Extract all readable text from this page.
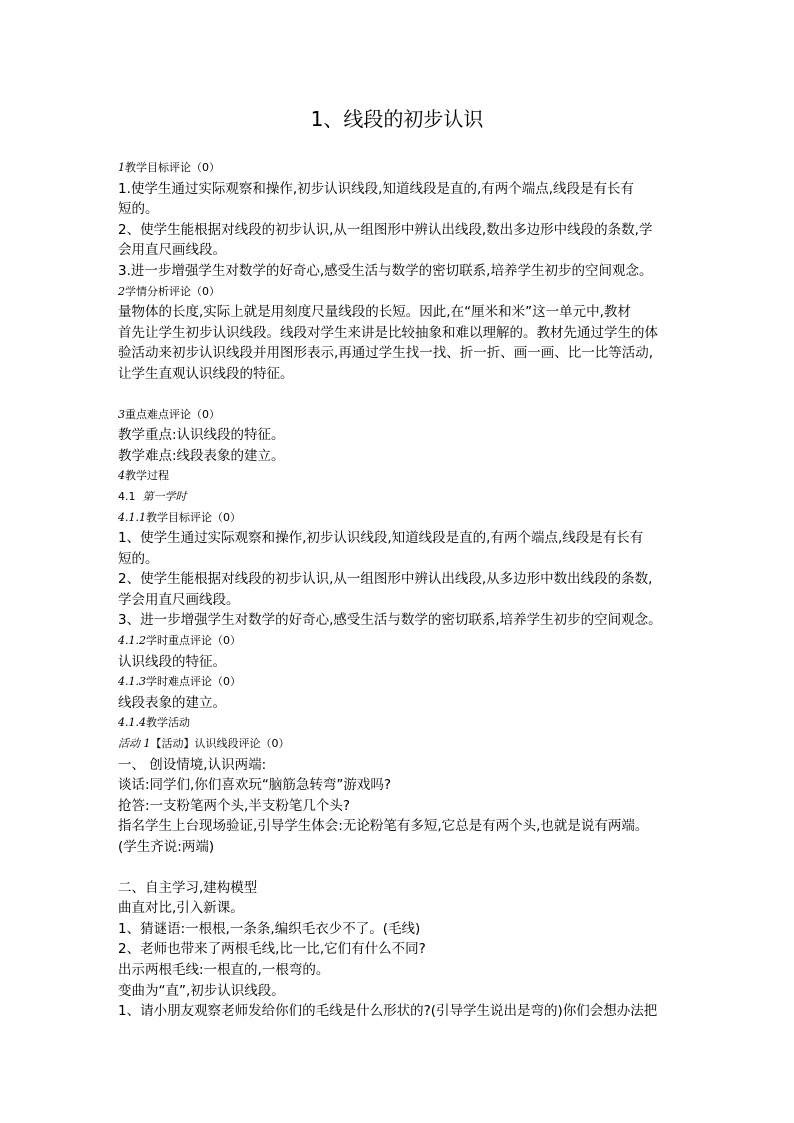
1、线段的初步认识
1教学目标评论（0）
1.使学生通过实际观察和操作,初步认识线段,知道线段是直的,有两个端点,线段是有长有
短的。
2、使学生能根据对线段的初步认识,从一组图形中辨认出线段,数出多边形中线段的条数,学
会用直尺画线段。
3.进一步增强学生对数学的好奇心,感受生活与数学的密切联系,培养学生初步的空间观念。
2学情分析评论（0）
量物体的长度,实际上就是用刻度尺量线段的长短。因此,在“厘米和米”这一单元中,教材
首先让学生初步认识线段。线段对学生来讲是比较抽象和难以理解的。教材先通过学生的体
验活动来初步认识线段并用图形表示,再通过学生找一找、折一折、画一画、比一比等活动,
让学生直观认识线段的特征。
3重点难点评论（0）
教学重点:认识线段的特征。
教学难点:线段表象的建立。
4教学过程
4.1 第一学时
4.1.1教学目标评论（0）
1、使学生通过实际观察和操作,初步认识线段,知道线段是直的,有两个端点,线段是有长有
短的。
2、使学生能根据对线段的初步认识,从一组图形中辨认出线段,从多边形中数出线段的条数,
学会用直尺画线段。
3、进一步增强学生对数学的好奇心,感受生活与数学的密切联系,培养学生初步的空间观念。
4.1.2学时重点评论（0）
认识线段的特征。
4.1.3学时难点评论（0）
线段表象的建立。
4.1.4教学活动
活动 1【活动】认识线段评论（0）
一、 创设情境,认识两端:
谈话:同学们,你们喜欢玩“脑筋急转弯”游戏吗?
抢答:一支粉笔两个头,半支粉笔几个头?
指名学生上台现场验证,引导学生体会:无论粉笔有多短,它总是有两个头,也就是说有两端。
(学生齐说:两端)
二、自主学习,建构模型
曲直对比,引入新课。
1、猜谜语:一根根,一条条,编织毛衣少不了。(毛线)
2、老师也带来了两根毛线,比一比,它们有什么不同?
出示两根毛线:一根直的,一根弯的。
变曲为“直”,初步认识线段。
1、请小朋友观察老师发给你们的毛线是什么形状的?(引导学生说出是弯的)你们会想办法把
